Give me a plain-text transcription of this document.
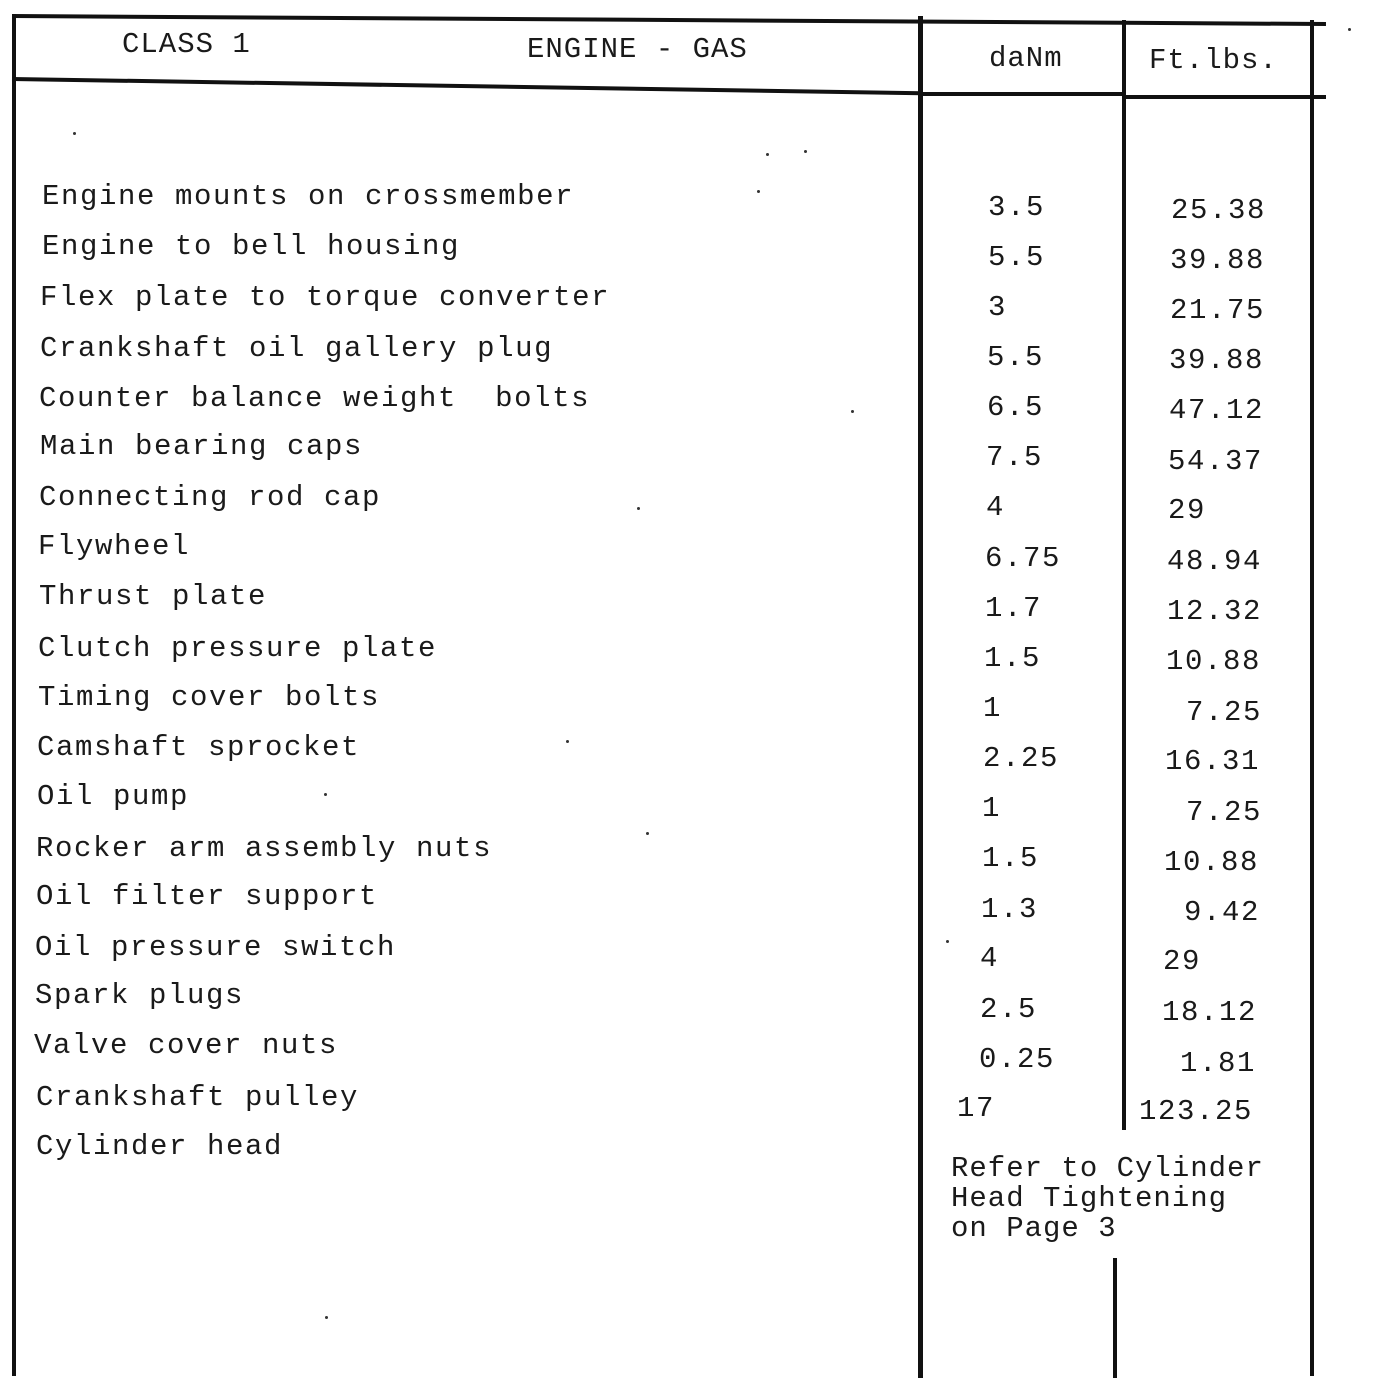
CLASS 1	ENGINE - GAS	daNm	Ft.lbs.
Engine mounts on crossmember	3.5	25.38
Engine to bell housing	5.5	39.88
Flex plate to torque converter	3	21.75
Crankshaft oil gallery plug	5.5	39.88
Counter balance weight  bolts	6.5	47.12
Main bearing caps	7.5	54.37
Connecting rod cap	4	29
Flywheel	6.75	48.94
Thrust plate	1.7	12.32
Clutch pressure plate	1.5	10.88
Timing cover bolts	1	7.25
Camshaft sprocket	2.25	16.31
Oil pump	1	7.25
Rocker arm assembly nuts	1.5	10.88
Oil filter support	1.3	9.42
Oil pressure switch	4	29
Spark plugs	2.5	18.12
Valve cover nuts	0.25	1.81
Crankshaft pulley	17	123.25
Cylinder head
Refer to Cylinder
Head Tightening
on Page 3
